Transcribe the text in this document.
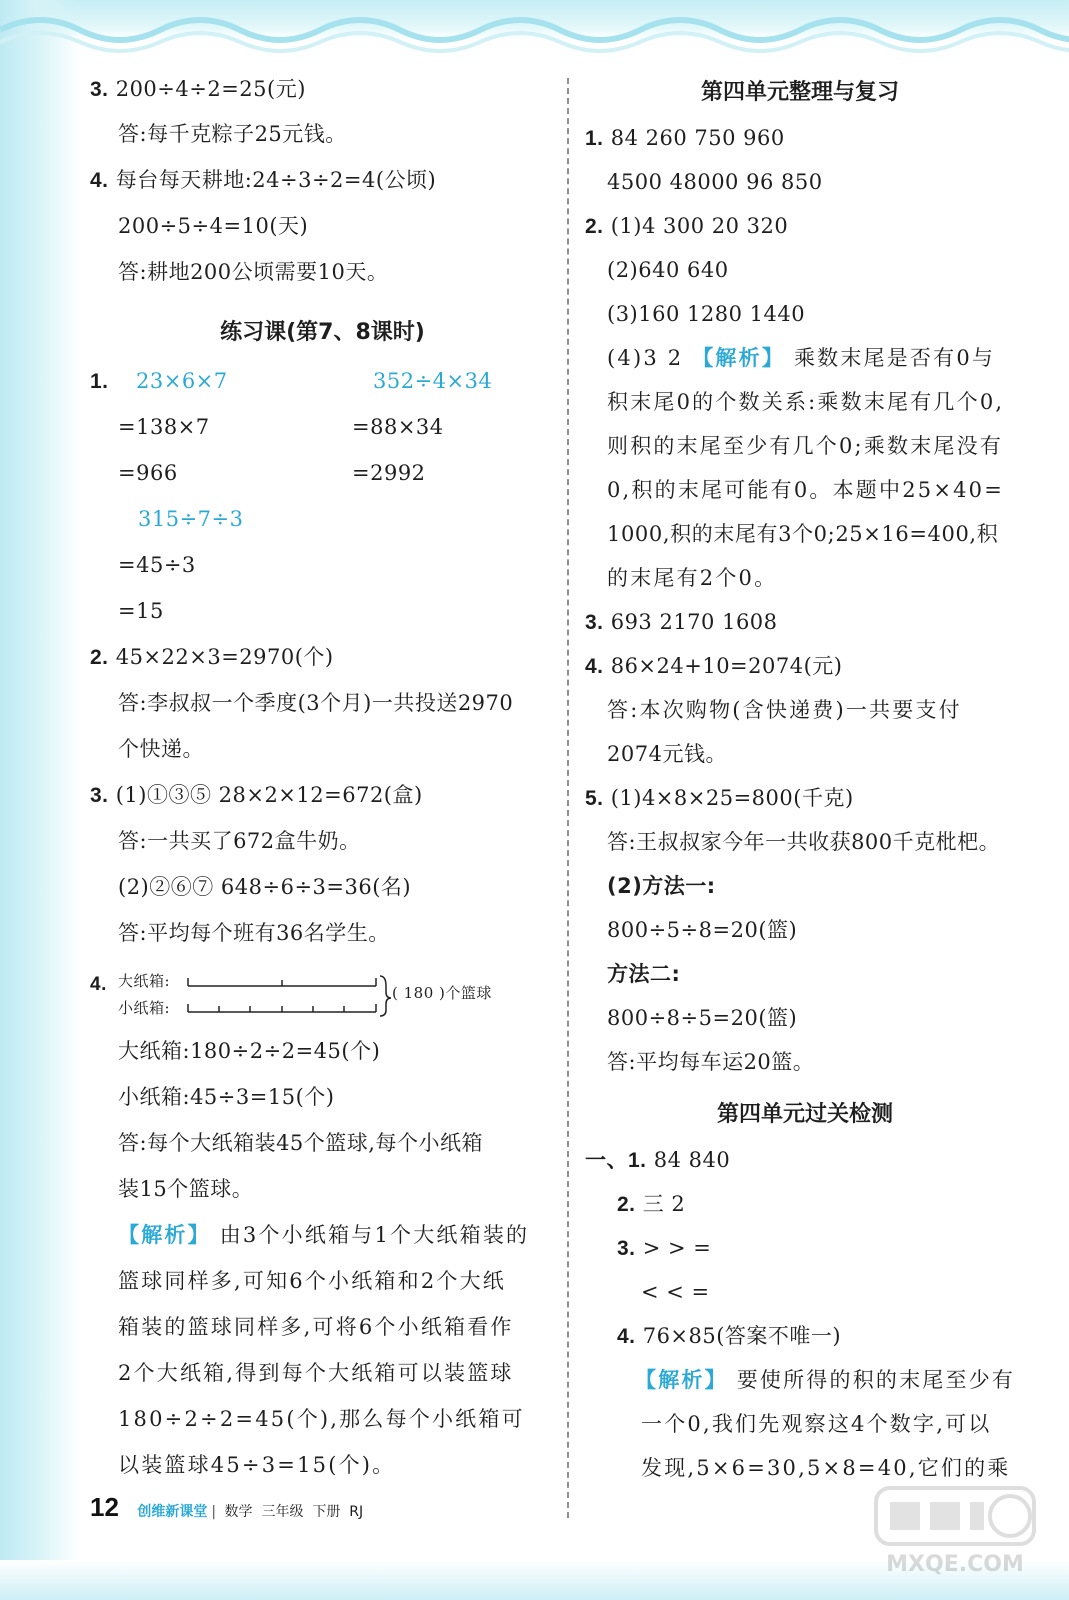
3. 200÷4÷2=25(元)
答:每千克粽子25元钱。
4. 每台每天耕地:24÷3÷2=4(公顷)
200÷5÷4=10(天)
答:耕地200公顷需要10天。
练习课(第7、8课时)
1. 23×6×7
=138×7
=966
352÷4×34
=88×34
=2992
315÷7÷3
=45÷3
=15
2. 45×22×3=2970(个)
答:李叔叔一个季度(3个月)一共投送2970
个快递。
3. (1)①③⑤ 28×2×12=672(盒)
答:一共买了672盒牛奶。
(2)②⑥⑦ 648÷6÷3=36(名)
答:平均每个班有36名学生。
4. 大纸箱:
小纸箱:
( 180 )个篮球
大纸箱:180÷2÷2=45(个)
小纸箱:45÷3=15(个)
答:每个大纸箱装45个篮球,每个小纸箱
装15个篮球。
【解析】 由3个小纸箱与1个大纸箱装的
篮球同样多,可知6个小纸箱和2个大纸
箱装的篮球同样多,可将6个小纸箱看作
2个大纸箱,得到每个大纸箱可以装篮球
180÷2÷2=45(个),那么每个小纸箱可
以装篮球45÷3=15(个)。
第四单元整理与复习
1. 84 260 750 960
4500 48000 96 850
2. (1)4 300 20 320
(2)640 640
(3)160 1280 1440
(4)3 2 【解析】 乘数末尾是否有0与
积末尾0的个数关系:乘数末尾有几个0,
则积的末尾至少有几个0;乘数末尾没有
0,积的末尾可能有0。本题中25×40=
1000,积的末尾有3个0;25×16=400,积
的末尾有2个0。
3. 693 2170 1608
4. 86×24+10=2074(元)
答:本次购物(含快递费)一共要支付
2074元钱。
5. (1)4×8×25=800(千克)
答:王叔叔家今年一共收获800千克枇杷。
(2)方法一:
800÷5÷8=20(篮)
方法二:
800÷8÷5=20(篮)
答:平均每车运20篮。
第四单元过关检测
一、1. 84 840
2. 三 2
3. > > =
< < =
4. 76×85(答案不唯一)
【解析】 要使所得的积的末尾至少有
一个0,我们先观察这4个数字,可以
发现,5×6=30,5×8=40,它们的乘
12 创维新课堂 | 数学 三年级 下册 RJ
MXQE.COM
